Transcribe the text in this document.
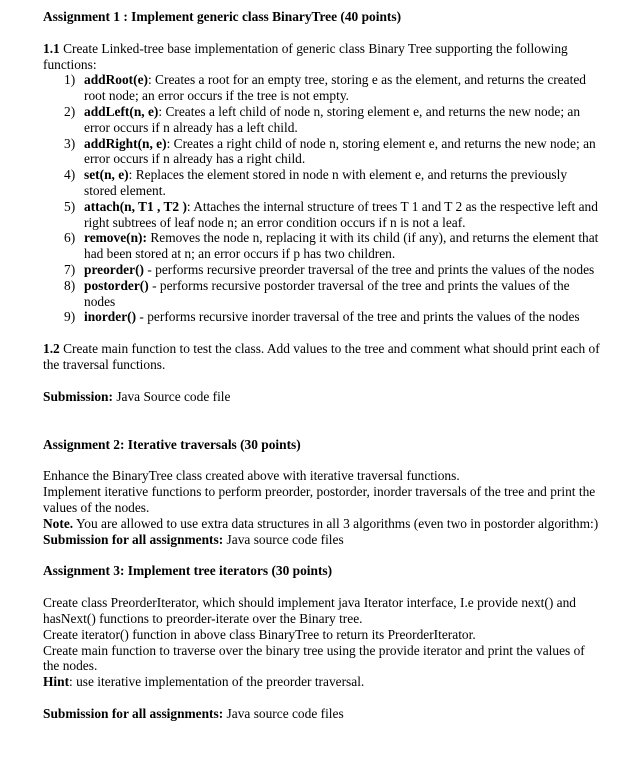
Assignment 1 : Implement generic class BinaryTree (40 points)

1.1 Create Linked-tree base implementation of generic class Binary Tree supporting the following functions:

1) addRoot(e): Creates a root for an empty tree, storing e as the element, and returns the created root node; an error occurs if the tree is not empty.
2) addLeft(n, e): Creates a left child of node n, storing element e, and returns the new node; an error occurs if n already has a left child.
3) addRight(n, e): Creates a right child of node n, storing element e, and returns the new node; an error occurs if n already has a right child.
4) set(n, e): Replaces the element stored in node n with element e, and returns the previously stored element.
5) attach(n, T1 , T2 ): Attaches the internal structure of trees T 1 and T 2 as the respective left and right subtrees of leaf node n; an error condition occurs if n is not a leaf.
6) remove(n): Removes the node n, replacing it with its child (if any), and returns the element that had been stored at n; an error occurs if p has two children.
7) preorder() - performs recursive preorder traversal of the tree and prints the values of the nodes
8) postorder() - performs recursive postorder traversal of the tree and prints the values of the nodes
9) inorder() - performs recursive inorder traversal of the tree and prints the values of the nodes

1.2 Create main function to test the class. Add values to the tree and comment what should print each of the traversal functions.

Submission: Java Source code file

Assignment 2: Iterative traversals (30 points)

Enhance the BinaryTree class created above with iterative traversal functions.

Implement iterative functions to perform preorder, postorder, inorder traversals of the tree and print the values of the nodes.

Note. You are allowed to use extra data structures in all 3 algorithms (even two in postorder algorithm:)

Submission for all assignments: Java source code files

Assignment 3: Implement tree iterators (30 points)

Create class PreorderIterator, which should implement java Iterator interface, I.e provide next() and hasNext() functions to preorder-iterate over the Binary tree.

Create iterator() function in above class BinaryTree to return its PreorderIterator.

Create main function to traverse over the binary tree using the provide iterator and print the values of the nodes.

Hint: use iterative implementation of the preorder traversal.

Submission for all assignments: Java source code files
